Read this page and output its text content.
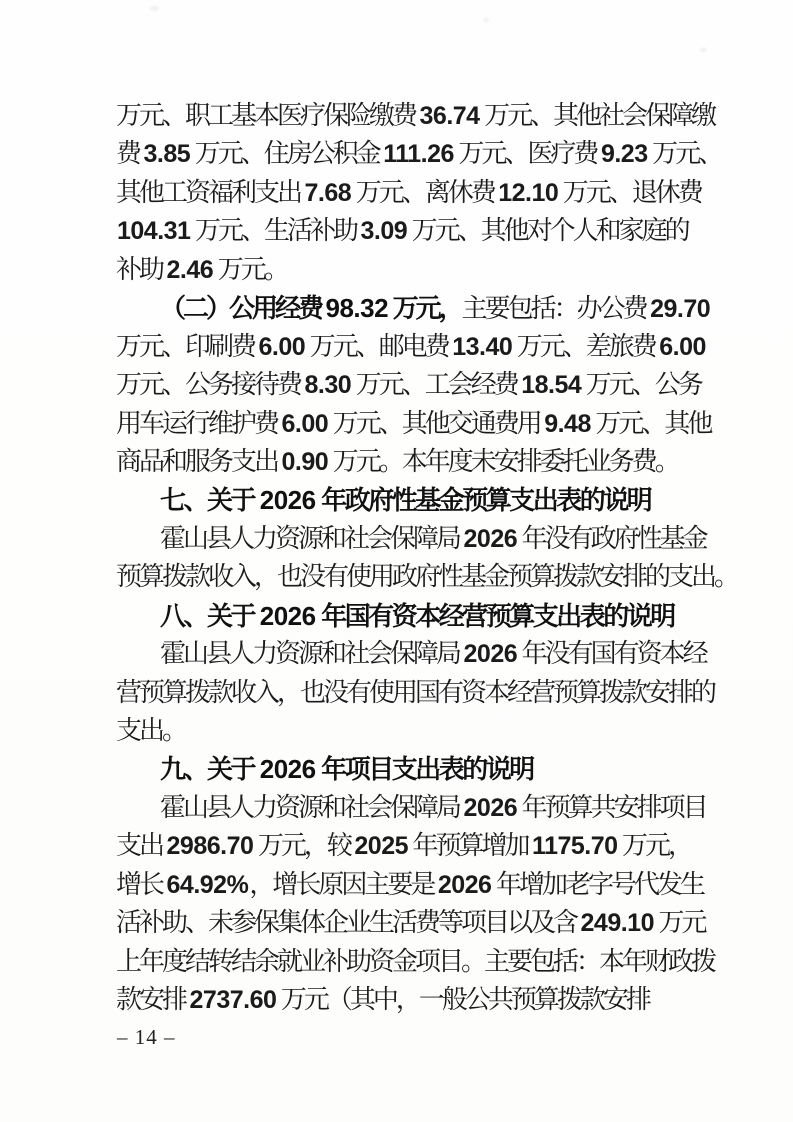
万元、职工基本医疗保险缴费 36.74 万元、其他社会保障缴
费 3.85 万元、住房公积金 111.26 万元、医疗费 9.23 万元、
其他工资福利支出 7.68 万元、离休费 12.10 万元、退休费
104.31 万元、生活补助 3.09 万元、其他对个人和家庭的
补助 2.46 万元。
（二）公用经费 98.32 万元，主要包括：办公费 29.70
万元、印刷费 6.00 万元、邮电费 13.40 万元、差旅费 6.00
万元、公务接待费 8.30 万元、工会经费 18.54 万元、公务
用车运行维护费 6.00 万元、其他交通费用 9.48 万元、其他
商品和服务支出 0.90 万元。本年度未安排委托业务费。
七、关于 2026 年政府性基金预算支出表的说明
霍山县人力资源和社会保障局 2026 年没有政府性基金
预算拨款收入，也没有使用政府性基金预算拨款安排的支出。
八、关于 2026 年国有资本经营预算支出表的说明
霍山县人力资源和社会保障局 2026 年没有国有资本经
营预算拨款收入，也没有使用国有资本经营预算拨款安排的
支出。
九、关于 2026 年项目支出表的说明
霍山县人力资源和社会保障局 2026 年预算共安排项目
支出 2986.70 万元，较 2025 年预算增加 1175.70 万元，
增长 64.92%，增长原因主要是 2026 年增加老字号代发生
活补助、未参保集体企业生活费等项目以及含 249.10 万元
上年度结转结余就业补助资金项目。主要包括：本年财政拨
款安排 2737.60 万元（其中，一般公共预算拨款安排
– 14 –
